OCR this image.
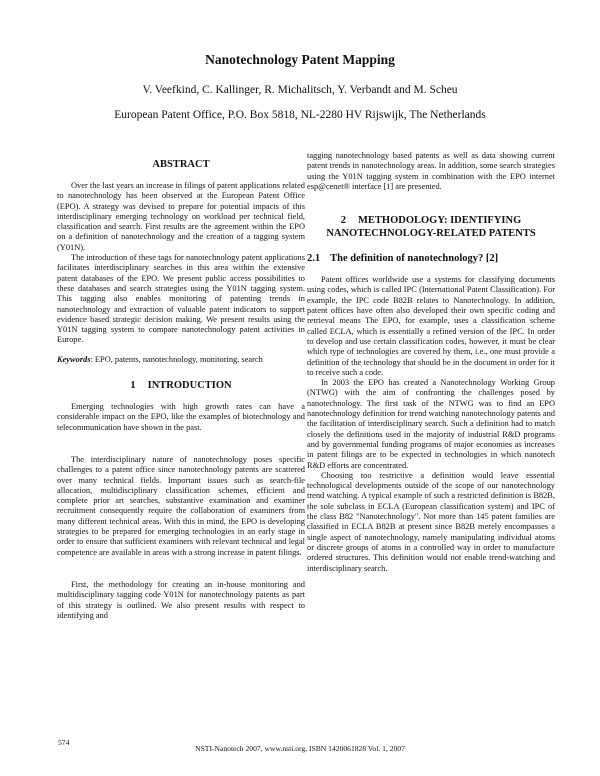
Nanotechnology Patent Mapping
V. Veefkind, C. Kallinger, R. Michalitsch, Y. Verbandt and M. Scheu
European Patent Office, P.O. Box 5818, NL-2280 HV Rijswijk, The Netherlands
ABSTRACT

Over the last years an increase in filings of patent applications related to nanotechnology has been observed at the European Patent Office (EPO). A strategy was devised to prepare for potential impacts of this interdisciplinary emerging technology on workload per technical field, classification and search. First results are the agreement within the EPO on a definition of nanotechnology and the creation of a tagging system (Y01N).

The introduction of these tags for nanotechnology patent applications facilitates interdisciplinary searches in this area within the extensive patent databases of the EPO. We present public access possibilities to these databases and search strategies using the Y01N tagging system. This tagging also enables monitoring of patenting trends in nanotechnology and extraction of valuable patent indicators to support evidence based strategic decision making. We present results using the Y01N tagging system to compare nanotechnology patent activities in Europe.

Keywords: EPO, patents, nanotechnology, monitoring, search

1 INTRODUCTION

Emerging technologies with high growth rates can have a considerable impact on the EPO, like the examples of biotechnology and telecommunication have shown in the past.

The interdisciplinary nature of nanotechnology poses specific challenges to a patent office since nanotechnology patents are scattered over many technical fields. Important issues such as search-file allocation, multidisciplinary classification schemes, efficient and complete prior art searches, substantive examination and examiner recruitment consequently require the collaboration of examiners from many different technical areas. With this in mind, the EPO is developing strategies to be prepared for emerging technologies in an early stage in order to ensure that sufficient examiners with relevant technical and legal competence are available in areas with a strong increase in patent filings.

First, the methodology for creating an in-house monitoring and multidisciplinary tagging code Y01N for nanotechnology patents as part of this strategy is outlined. We also present results with respect to identifying and

tagging nanotechnology based patents as well as data showing current patent trends in nanotechnology areas. In addition, some search strategies using the Y01N tagging system in combination with the EPO internet esp@cenet® interface [1] are presented.

2 METHODOLOGY: IDENTIFYING NANOTECHNOLOGY-RELATED PATENTS
2.1 The definition of nanotechnology? [2]

Patent offices worldwide use a systems for classifying documents using codes, which is called IPC (International Patent Classification). For example, the IPC code B82B relates to Nanotechnology. In addition, patent offices have often also developed their own specific coding and retrieval means The EPO, for example, uses a classification scheme called ECLA, which is essentially a refined version of the IPC. In order to develop and use certain classification codes, however, it must be clear which type of technologies are covered by them, i.e., one must provide a definition of the technology that should be in the document in order for it to receive such a code.

In 2003 the EPO has created a Nanotechnology Working Group (NTWG) with the aim of confronting the challenges posed by nanotechnology. The first task of the NTWG was to find an EPO nanotechnology definition for trend watching nanotechnology patents and the facilitation of interdisciplinary search. Such a definition had to match closely the definitions used in the majority of industrial R&D programs and by governmental funding programs of major economies as increases in patent filings are to be expected in technologies in which nanotech R&D efforts are concentrated.

Choosing too restrictive a definition would leave essential technological developments outside of the scope of our nanotechnology trend watching. A typical example of such a restricted definition is B82B, the sole subclass in ECLA (European classification system) and IPC of the class B82 "Nanotechnology". Not more than 145 patent families are classified in ECLA B82B at present since B82B merely encompasses a single aspect of nanotechnology, namely manipulating individual atoms or discrete groups of atoms in a controlled way in order to manufacture ordered structures. This definition would not enable trend-watching and interdisciplinary search.

574
NSTI-Nanotech 2007, www.nsti.org, ISBN 1420061828 Vol. 1, 2007
